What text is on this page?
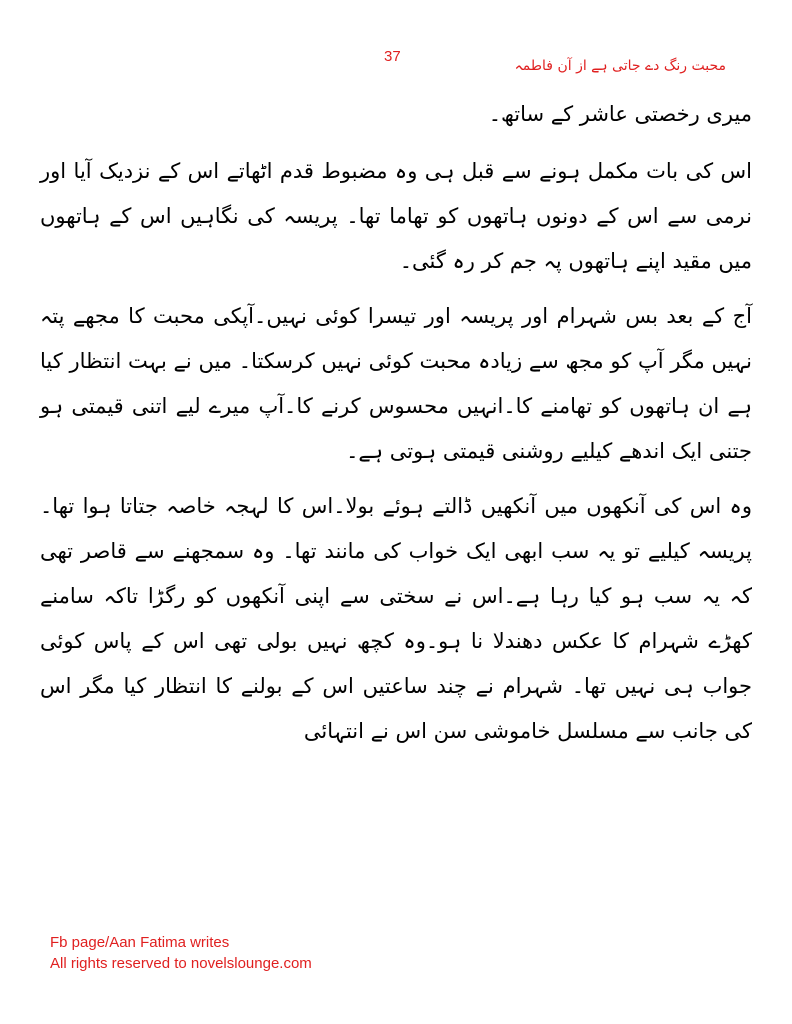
37
محبت رنگ دے جاتی ہے از آن فاطمہ

میری رخصتی عاشر کے ساتھ۔

اس کی بات مکمل ہونے سے قبل ہی وہ مضبوط قدم اٹھاتے اس کے نزدیک آیا اور نرمی سے اس کے دونوں ہاتھوں کو تھاما تھا۔ پریسہ کی نگاہیں اس کے ہاتھوں میں مقید اپنے ہاتھوں پہ جم کر رہ گئی۔

آج کے بعد بس شہرام اور پریسہ اور تیسرا کوئی نہیں۔آپکی محبت کا مجھے پتہ نہیں مگر آپ کو مجھ سے زیادہ محبت کوئی نہیں کرسکتا۔ میں نے بہت انتظار کیا ہے ان ہاتھوں کو تھامنے کا۔انہیں محسوس کرنے کا۔آپ میرے لیے اتنی قیمتی ہو جتنی ایک اندھے کیلیے روشنی قیمتی ہوتی ہے۔

وہ اس کی آنکھوں میں آنکھیں ڈالتے ہوئے بولا۔اس کا لہجہ خاصہ جتاتا ہوا تھا۔ پریسہ کیلیے تو یہ سب ابھی ایک خواب کی مانند تھا۔ وہ سمجھنے سے قاصر تھی کہ یہ سب ہو کیا رہا ہے۔اس نے سختی سے اپنی آنکھوں کو رگڑا تاکہ سامنے کھڑے شہرام کا عکس دھندلا نا ہو۔وہ کچھ نہیں بولی تھی اس کے پاس کوئی جواب ہی نہیں تھا۔ شہرام نے چند ساعتیں اس کے بولنے کا انتظار کیا مگر اس کی جانب سے مسلسل خاموشی سن اس نے انتہائی

Fb page/Aan Fatima writes
All rights reserved to novelslounge.com
